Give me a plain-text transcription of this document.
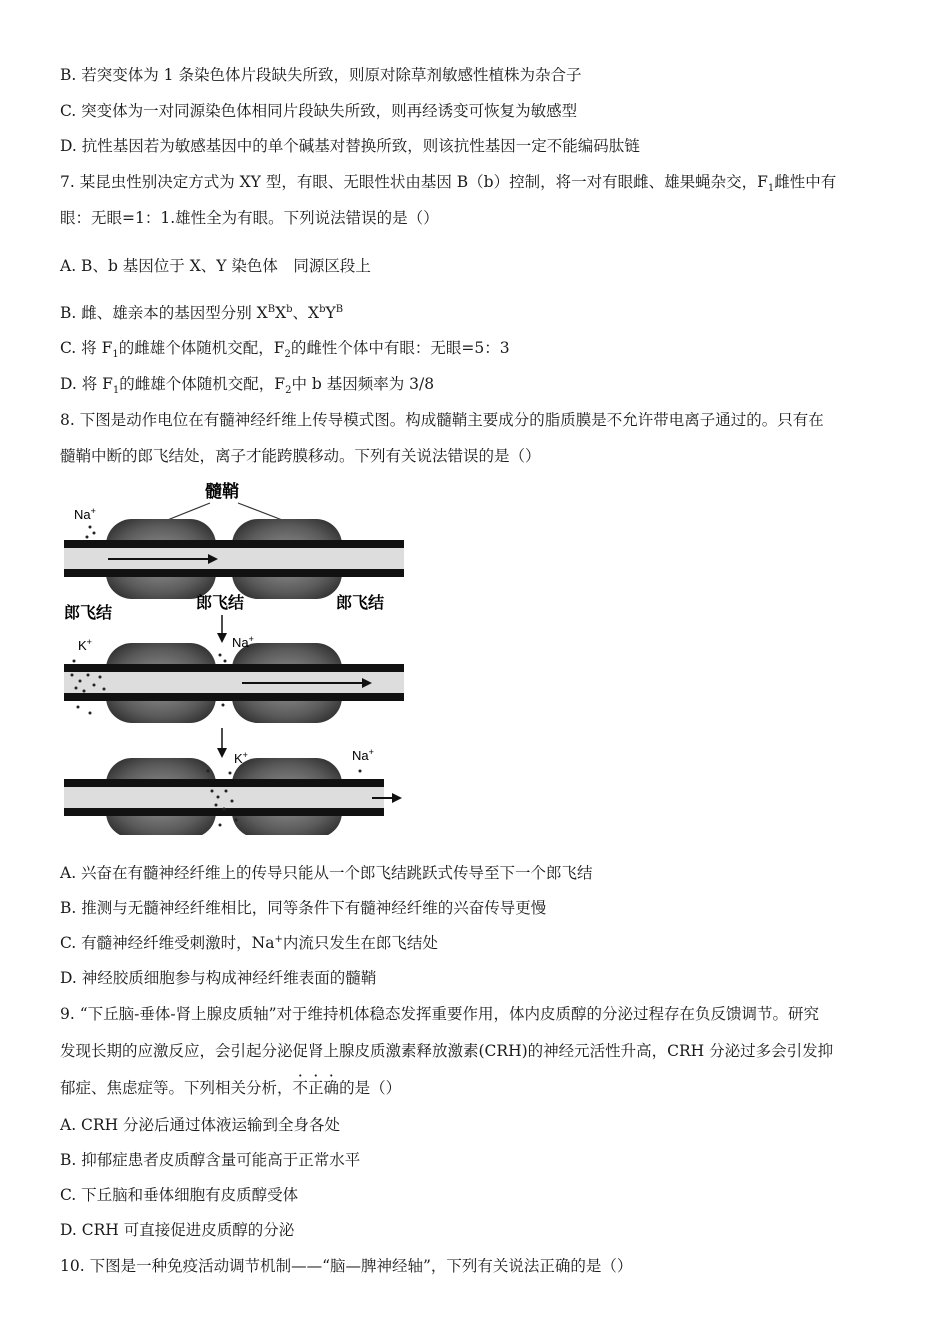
B. 若突变体为 1 条染色体片段缺失所致，则原对除草剂敏感性植株为杂合子
C. 突变体为一对同源染色体相同片段缺失所致，则再经诱变可恢复为敏感型
D. 抗性基因若为敏感基因中的单个碱基对替换所致，则该抗性基因一定不能编码肽链
7. 某昆虫性别决定方式为 XY 型，有眼、无眼性状由基因 B（b）控制，将一对有眼雌、雄果蝇杂交，$F_1$雌性中有
眼：无眼=1：1.雄性全为有眼。下列说法错误的是（）
A. B、b 基因位于 X、Y 染色体　同源区段上
B. 雌、雄亲本的基因型分别 $X^BX^b$、$X^bY^B$
C. 将 $F_1$的雌雄个体随机交配，$F_2$的雌性个体中有眼：无眼=5：3
D. 将 $F_1$的雌雄个体随机交配，$F_2$中 b 基因频率为 3/8
8. 下图是动作电位在有髓神经纤维上传导模式图。构成髓鞘主要成分的脂质膜是不允许带电离子通过的。只有在
髓鞘中断的郎飞结处，离子才能跨膜移动。下列有关说法错误的是（）
髓鞘
Na+
郎飞结
郎飞结	郎飞结
K+	Na+
K+	Na+
A. 兴奋在有髓神经纤维上的传导只能从一个郎飞结跳跃式传导至下一个郎飞结
B. 推测与无髓神经纤维相比，同等条件下有髓神经纤维的兴奋传导更慢
C. 有髓神经纤维受刺激时，Na+内流只发生在郎飞结处
D. 神经胶质细胞参与构成神经纤维表面的髓鞘
9. “下丘脑-垂体-肾上腺皮质轴”对于维持机体稳态发挥重要作用，体内皮质醇的分泌过程存在负反馈调节。研究
发现长期的应激反应，会引起分泌促肾上腺皮质激素释放激素(CRH)的神经元活性升高，CRH 分泌过多会引发抑
郁症、焦虑症等。下列相关分析，不正确的是（）
A. CRH 分泌后通过体液运输到全身各处
B. 抑郁症患者皮质醇含量可能高于正常水平
C. 下丘脑和垂体细胞有皮质醇受体
D. CRH 可直接促进皮质醇的分泌
10. 下图是一种免疫活动调节机制——“脑—脾神经轴”，下列有关说法正确的是（）
